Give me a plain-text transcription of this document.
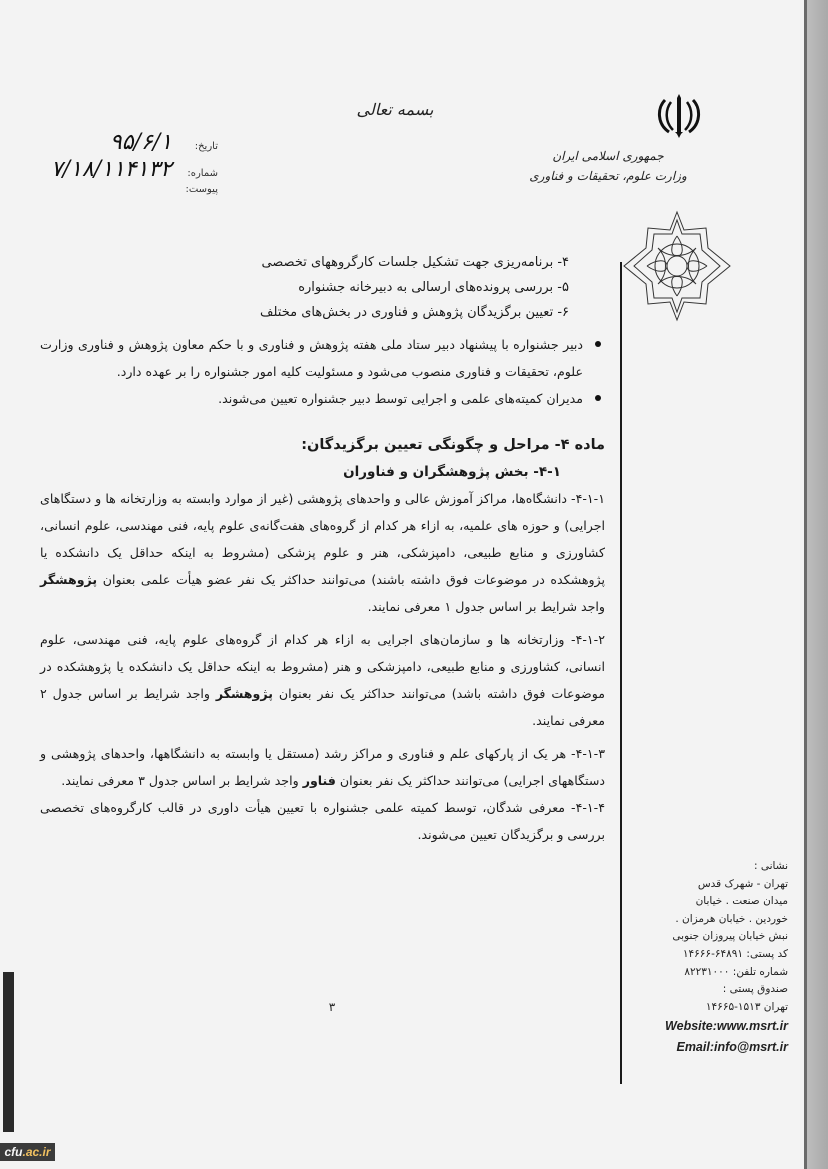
جمهوری اسلامی ایران
وزارت علوم، تحقیقات و فناوری
بسمه تعالی
تاریخ:
۹۵/۶/۱
شماره:
۷/۱۸/۱۱۴۱۳۲
پیوست:
۴- برنامه‌ریزی جهت تشکیل جلسات کارگروههای تخصصی
۵- بررسی پرونده‌های ارسالی به دبیرخانه جشنواره
۶- تعیین برگزیدگان پژوهش و فناوری در بخش‌های مختلف
دبیر جشنواره با پیشنهاد دبیر ستاد ملی هفته پژوهش و فناوری و با حکم معاون پژوهش و فناوری وزارت علوم، تحقیقات و فناوری منصوب می‌شود و مسئولیت کلیه امور جشنواره را بر عهده دارد.
مدیران کمیته‌های علمی و اجرایی توسط دبیر جشنواره تعیین می‌شوند.
ماده ۴- مراحل و چگونگی تعیین برگزیدگان:
۴-۱- بخش پژوهشگران و فناوران

۴-۱-۱- دانشگاه‌ها، مراکز آموزش عالی و واحدهای پژوهشی (غیر از موارد وابسته به وزارتخانه ها و دستگاهای اجرایی) و حوزه های علمیه، به ازاء هر کدام از گروه‌های هفت‌گانه‌ی علوم پایه، فنی مهندسی، علوم انسانی، کشاورزی و منابع طبیعی، دامپزشکی، هنر و علوم پزشکی (مشروط به اینکه حداقل یک دانشکده یا پژوهشکده در موضوعات فوق داشته باشند) می‌توانند حداکثر یک نفر عضو هیأت علمی بعنوان پژوهشگر واجد شرایط بر اساس جدول ۱ معرفی نمایند.

۴-۱-۲- وزارتخانه ها و سازمان‌های اجرایی به ازاء هر کدام از گروه‌های علوم پایه، فنی مهندسی، علوم انسانی، کشاورزی و منابع طبیعی، دامپزشکی و هنر (مشروط به اینکه حداقل یک دانشکده یا پژوهشکده در موضوعات فوق داشته باشد) می‌توانند حداکثر یک نفر بعنوان پژوهشگر واجد شرایط بر اساس جدول ۲ معرفی نمایند.

۴-۱-۳- هر یک از پارکهای علم و فناوری و مراکز رشد (مستقل یا وابسته به دانشگاهها، واحدهای پژوهشی و دستگاههای اجرایی) می‌توانند حداکثر یک نفر بعنوان فناور واجد شرایط بر اساس جدول ۳ معرفی نمایند.

۴-۱-۴- معرفی شدگان، توسط کمیته علمی جشنواره با تعیین هیأت داوری در قالب کارگروه‌های تخصصی بررسی و برگزیدگان تعیین می‌شوند.

۳
نشانی :
تهران - شهرک قدس
میدان صنعت . خیابان
خوردین . خیابان هرمزان .
نبش خیابان پیروزان جنوبی
کد پستی: ۶۴۸۹۱-۱۴۶۶۶
شماره تلفن: ۸۲۲۳۱۰۰۰
صندوق پستی :
تهران ۱۵۱۳-۱۴۶۶۵
Website:www.msrt.ir
Email:info@msrt.ir
cfu.ac.ir
